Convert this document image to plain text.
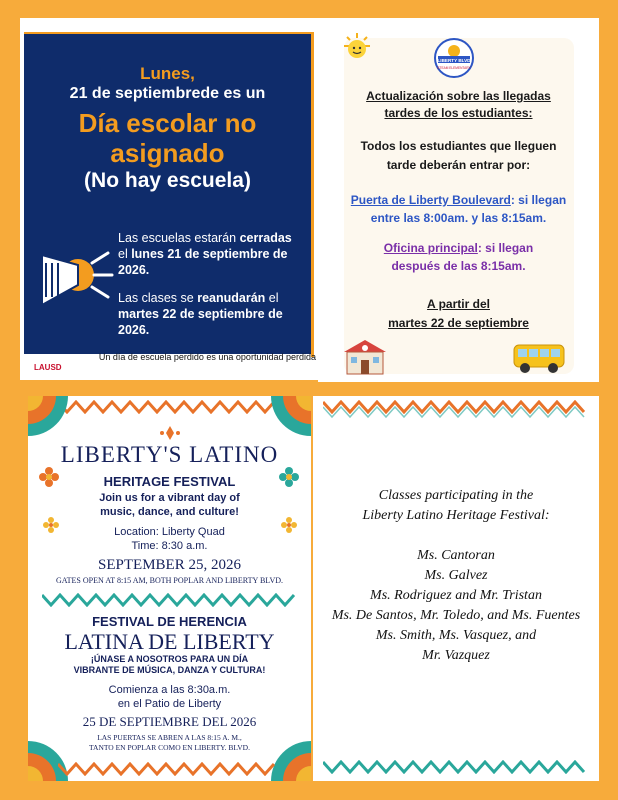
Lunes,
21 de septiembrede es un
Día escolar no
asignado
(No hay escuela)
Las escuelas estarán cerradas el lunes 21 de septiembre de 2026.
Las clases se reanudarán el martes 22 de septiembre de 2026.
Un día de escuela perdido es una oportunidad perdida
LAUSD
LIBERTY BLVD
STEAM ELEMENTARY
Actualización sobre las llegadas
tardes de los estudiantes:
Todos los estudiantes que lleguen
tarde deberán entrar por:
Puerta de Liberty Boulevard: si llegan
entre las 8:00am. y las 8:15am.
Oficina principal: si llegan
después de las 8:15am.
A partir del
martes 22 de septiembre
LIBERTY'S LATINO
HERITAGE FESTIVAL
Join us for a vibrant day of
music, dance, and culture!
Location: Liberty Quad
Time: 8:30 a.m.
SEPTEMBER 25, 2026
GATES OPEN AT 8:15 AM, BOTH POPLAR AND LIBERTY BLVD.
FESTIVAL DE HERENCIA
LATINA DE LIBERTY
¡ÚNASE A NOSOTROS PARA UN DÍA
VIBRANTE DE MÚSICA, DANZA Y CULTURA!
Comienza a las 8:30a.m.
en el Patio de Liberty
25 DE SEPTIEMBRE DEL 2026
LAS PUERTAS SE ABREN A LAS 8:15 A. M.,
TANTO EN POPLAR COMO EN LIBERTY. BLVD.
Classes participating in the
Liberty Latino Heritage Festival:
Ms. Cantoran
Ms. Galvez
Ms. Rodriguez and Mr. Tristan
Ms. De Santos, Mr. Toledo, and Ms. Fuentes
Ms. Smith, Ms. Vasquez, and
Mr. Vazquez
